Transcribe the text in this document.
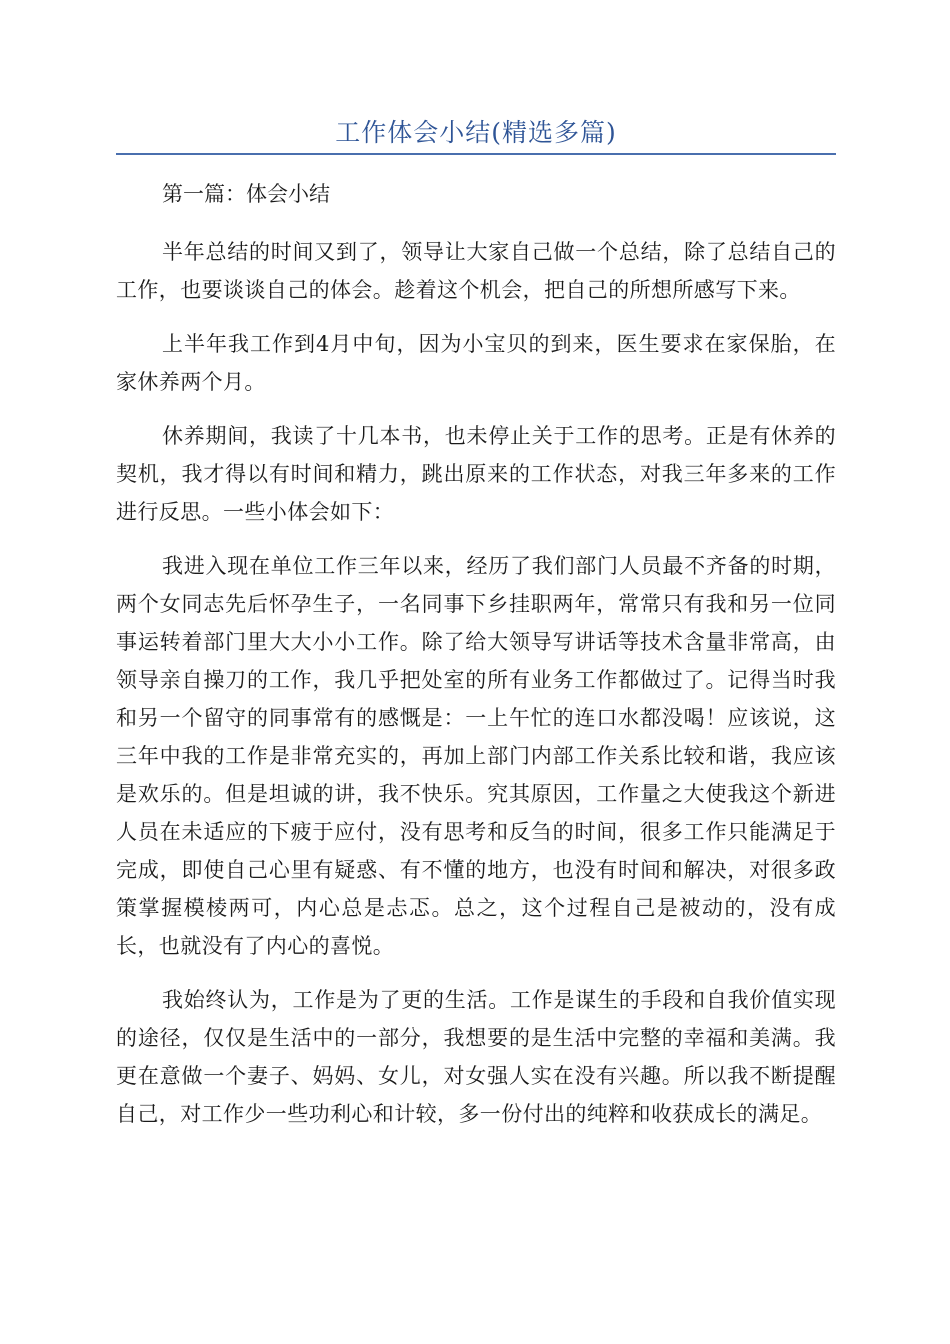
工作体会小结(精选多篇)

第一篇：体会小结

半年总结的时间又到了，领导让大家自己做一个总结，除了总结自己的工作，也要谈谈自己的体会。趁着这个机会，把自己的所想所感写下来。

上半年我工作到4月中旬，因为小宝贝的到来，医生要求在家保胎，在家休养两个月。

休养期间，我读了十几本书，也未停止关于工作的思考。正是有休养的契机，我才得以有时间和精力，跳出原来的工作状态，对我三年多来的工作进行反思。一些小体会如下：

我进入现在单位工作三年以来，经历了我们部门人员最不齐备的时期，两个女同志先后怀孕生子，一名同事下乡挂职两年，常常只有我和另一位同事运转着部门里大大小小工作。除了给大领导写讲话等技术含量非常高，由领导亲自操刀的工作，我几乎把处室的所有业务工作都做过了。记得当时我和另一个留守的同事常有的感慨是：一上午忙的连口水都没喝！应该说，这三年中我的工作是非常充实的，再加上部门内部工作关系比较和谐，我应该是欢乐的。但是坦诚的讲，我不快乐。究其原因，工作量之大使我这个新进人员在未适应的下疲于应付，没有思考和反刍的时间，很多工作只能满足于完成，即使自己心里有疑惑、有不懂的地方，也没有时间和解决，对很多政策掌握模棱两可，内心总是忐忑。总之，这个过程自己是被动的，没有成长，也就没有了内心的喜悦。

我始终认为，工作是为了更的生活。工作是谋生的手段和自我价值实现的途径，仅仅是生活中的一部分，我想要的是生活中完整的幸福和美满。我更在意做一个妻子、妈妈、女儿，对女强人实在没有兴趣。所以我不断提醒自己，对工作少一些功利心和计较，多一份付出的纯粹和收获成长的满足。
